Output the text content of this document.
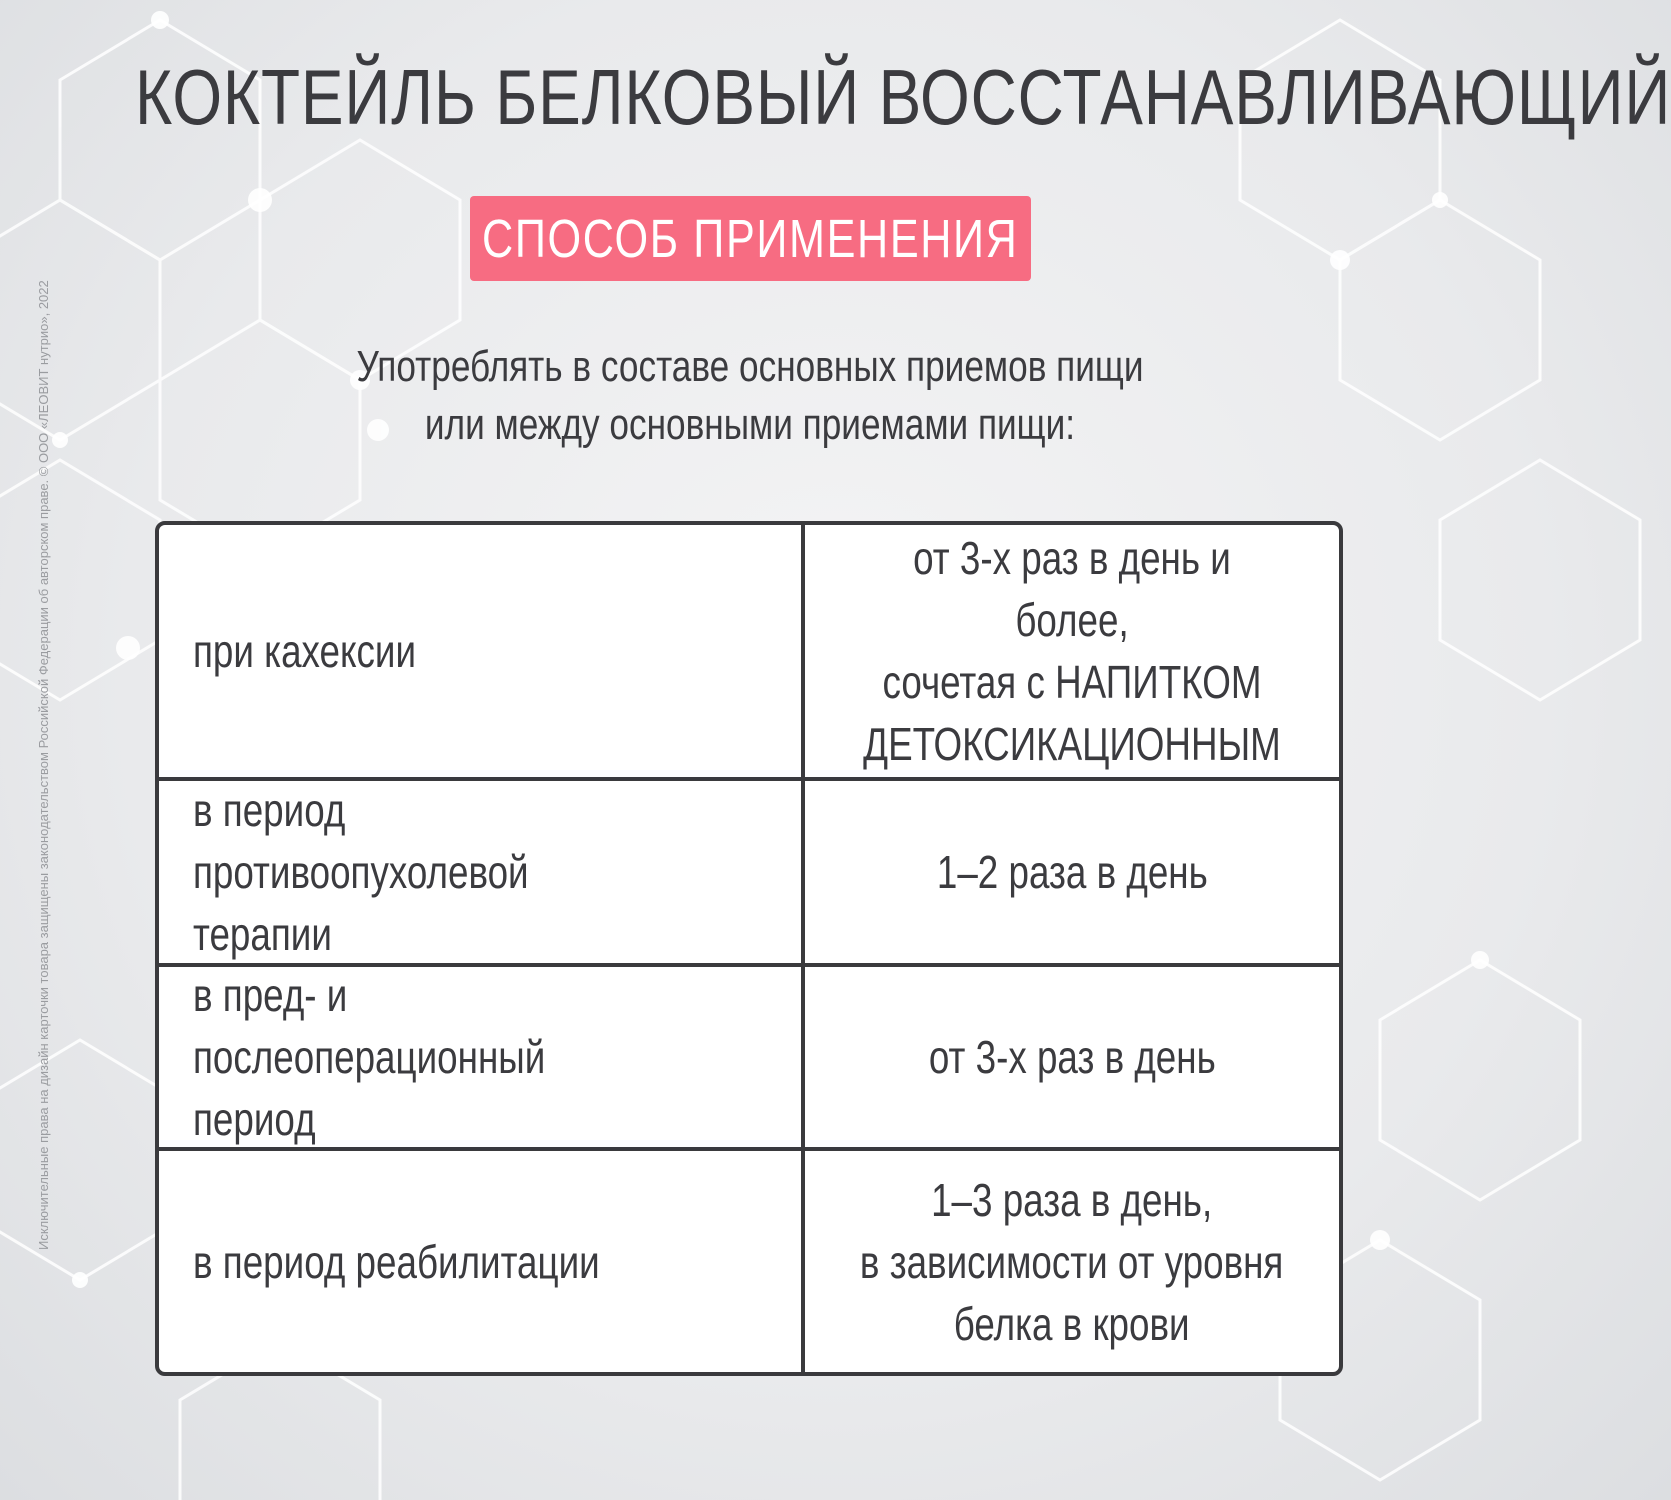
КОКТЕЙЛЬ БЕЛКОВЫЙ ВОССТАНАВЛИВАЮЩИЙ
СПОСОБ ПРИМЕНЕНИЯ
Употреблять в составе основных приемов пищи
или между основными приемами пищи:
при кахексии
от 3-х раз в день и более,
сочетая с НАПИТКОМ
ДЕТОКСИКАЦИОННЫМ
в период противоопухолевой
терапии
1–2 раза в день
в пред- и послеоперационный
период
от 3-х раз в день
в период реабилитации
1–3 раза в день,
в зависимости от уровня
белка в крови
Исключительные права на дизайн карточки товара защищены законодательством Российской Федерации об авторском праве. © ООО «ЛЕОВИТ нутрио», 2022
